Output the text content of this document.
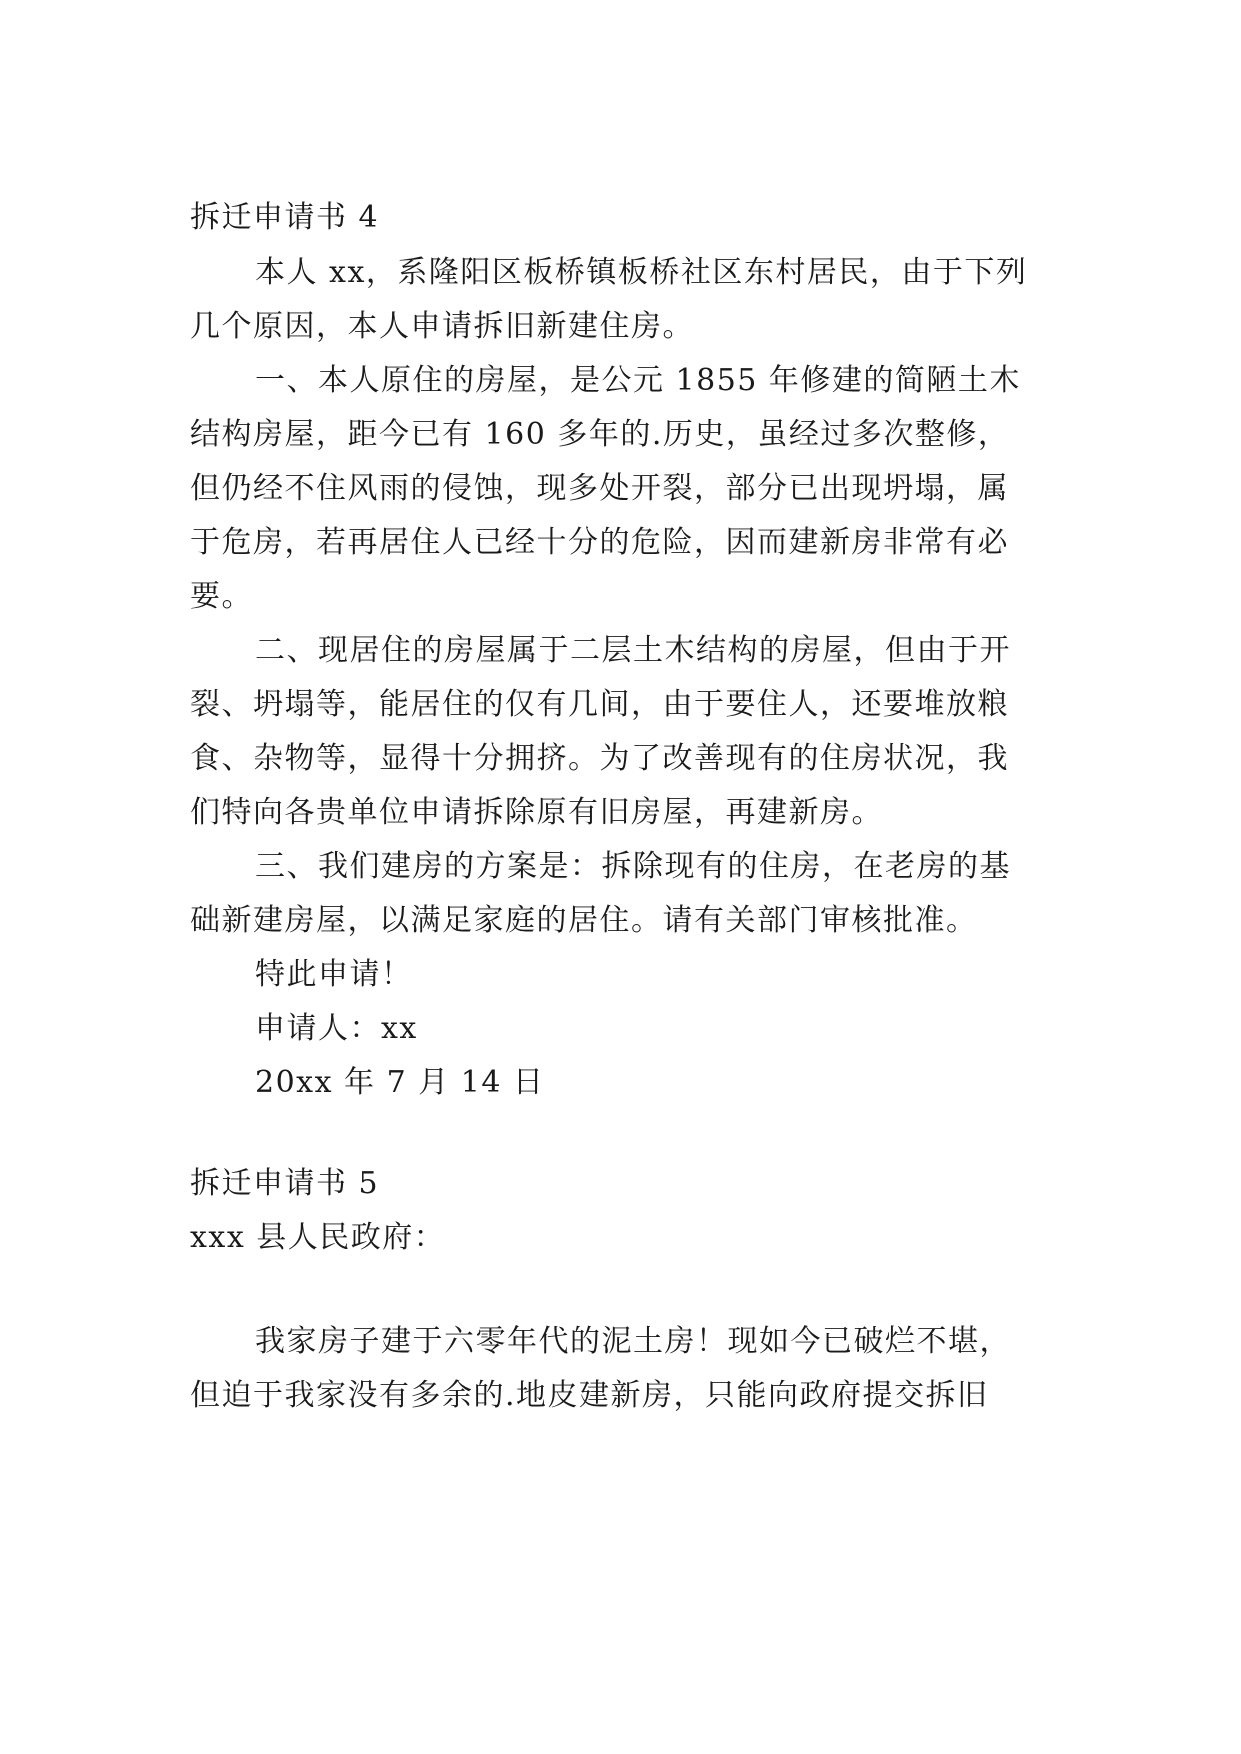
拆迁申请书 4
本人 xx，系隆阳区板桥镇板桥社区东村居民，由于下列
几个原因，本人申请拆旧新建住房。
一、本人原住的房屋，是公元 1855 年修建的简陋土木
结构房屋，距今已有 160 多年的.历史，虽经过多次整修，
但仍经不住风雨的侵蚀，现多处开裂，部分已出现坍塌，属
于危房，若再居住人已经十分的危险，因而建新房非常有必
要。
二、现居住的房屋属于二层土木结构的房屋，但由于开
裂、坍塌等，能居住的仅有几间，由于要住人，还要堆放粮
食、杂物等，显得十分拥挤。为了改善现有的住房状况，我
们特向各贵单位申请拆除原有旧房屋，再建新房。
三、我们建房的方案是：拆除现有的住房，在老房的基
础新建房屋，以满足家庭的居住。请有关部门审核批准。
特此申请！
申请人：xx
20xx 年 7 月 14 日
拆迁申请书 5
xxx 县人民政府：
我家房子建于六零年代的泥土房！现如今已破烂不堪，
但迫于我家没有多余的.地皮建新房，只能向政府提交拆旧
